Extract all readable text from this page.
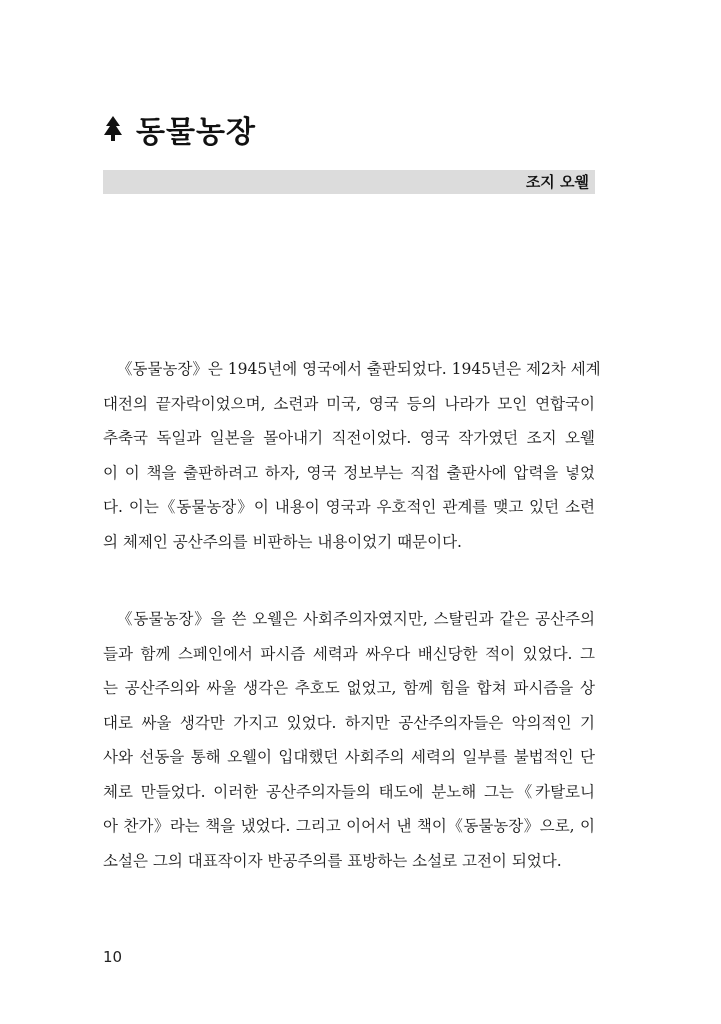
동물농장
조지 오웰

《동물농장》은 1945년에 영국에서 출판되었다. 1945년은 제2차 세계
대전의 끝자락이었으며, 소련과 미국, 영국 등의 나라가 모인 연합국이
추축국 독일과 일본을 몰아내기 직전이었다. 영국 작가였던 조지 오웰
이 이 책을 출판하려고 하자, 영국 정보부는 직접 출판사에 압력을 넣었
다. 이는《동물농장》이 내용이 영국과 우호적인 관계를 맺고 있던 소련
의 체제인 공산주의를 비판하는 내용이었기 때문이다.

《동물농장》을 쓴 오웰은 사회주의자였지만, 스탈린과 같은 공산주의
들과 함께 스페인에서 파시즘 세력과 싸우다 배신당한 적이 있었다. 그
는 공산주의와 싸울 생각은 추호도 없었고, 함께 힘을 합쳐 파시즘을 상
대로 싸울 생각만 가지고 있었다. 하지만 공산주의자들은 악의적인 기
사와 선동을 통해 오웰이 입대했던 사회주의 세력의 일부를 불법적인 단
체로 만들었다. 이러한 공산주의자들의 태도에 분노해 그는《카탈로니
아 찬가》라는 책을 냈었다. 그리고 이어서 낸 책이《동물농장》으로, 이
소설은 그의 대표작이자 반공주의를 표방하는 소설로 고전이 되었다.

10
